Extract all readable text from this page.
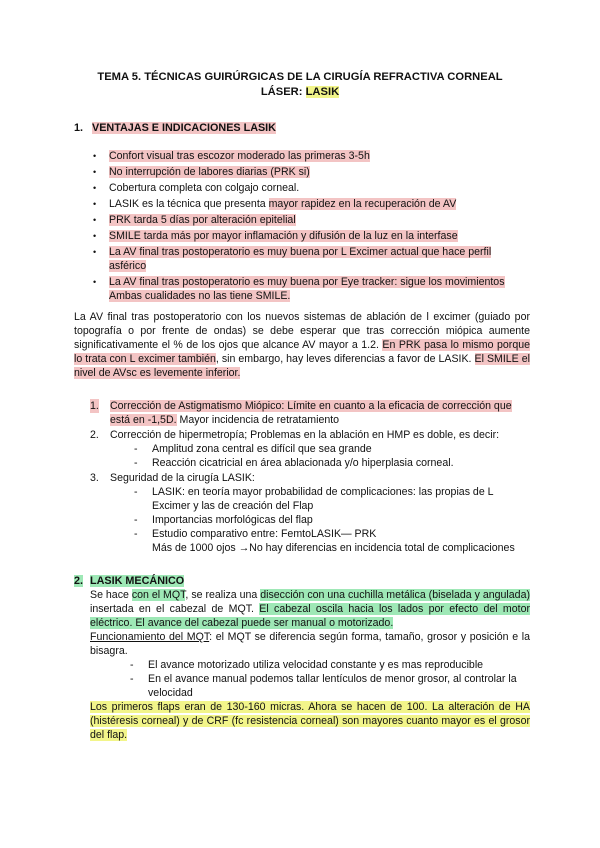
TEMA 5. TÉCNICAS GUIRÚRGICAS DE LA CIRUGÍA REFRACTIVA CORNEAL
LÁSER: LASIK
1. VENTAJAS E INDICACIONES LASIK
• Confort visual tras escozor moderado las primeras 3-5h
• No interrupción de labores diarias (PRK si)
• Cobertura completa con colgajo corneal.
• LASIK es la técnica que presenta mayor rapidez en la recuperación de AV
• PRK tarda 5 días por alteración epitelial
• SMILE tarda más por mayor inflamación y difusión de la luz en la interfase
• La AV final tras postoperatorio es muy buena por L Excimer actual que hace perfil asférico
• La AV final tras postoperatorio es muy buena por Eye tracker: sigue los movimientos Ambas cualidades no las tiene SMILE.
La AV final tras postoperatorio con los nuevos sistemas de ablación de l excimer (guiado por topografía o por frente de ondas) se debe esperar que tras corrección miópica aumente significativamente el % de los ojos que alcance AV mayor a 1.2. En PRK pasa lo mismo porque lo trata con L excimer también, sin embargo, hay leves diferencias a favor de LASIK. El SMILE el nivel de AVsc es levemente inferior.
1. Corrección de Astigmatismo Miópico: Límite en cuanto a la eficacia de corrección que está en -1,5D. Mayor incidencia de retratamiento
2. Corrección de hipermetropía; Problemas en la ablación en HMP es doble, es decir:
- Amplitud zona central es difícil que sea grande
- Reacción cicatricial en área ablacionada y/o hiperplasia corneal.
3. Seguridad de la cirugía LASIK:
- LASIK: en teoría mayor probabilidad de complicaciones: las propias de L Excimer y las de creación del Flap
- Importancias morfológicas del flap
- Estudio comparativo entre: FemtoLASIK— PRK
Más de 1000 ojos →No hay diferencias en incidencia total de complicaciones
2. LASIK MECÁNICO
Se hace con el MQT, se realiza una disección con una cuchilla metálica (biselada y angulada) insertada en el cabezal de MQT. El cabezal oscila hacia los lados por efecto del motor eléctrico. El avance del cabezal puede ser manual o motorizado.
Funcionamiento del MQT: el MQT se diferencia según forma, tamaño, grosor y posición e la bisagra.
- El avance motorizado utiliza velocidad constante y es mas reproducible
- En el avance manual podemos tallar lentículos de menor grosor, al controlar la velocidad
Los primeros flaps eran de 130-160 micras. Ahora se hacen de 100. La alteración de HA (histéresis corneal) y de CRF (fc resistencia corneal) son mayores cuanto mayor es el grosor del flap.
